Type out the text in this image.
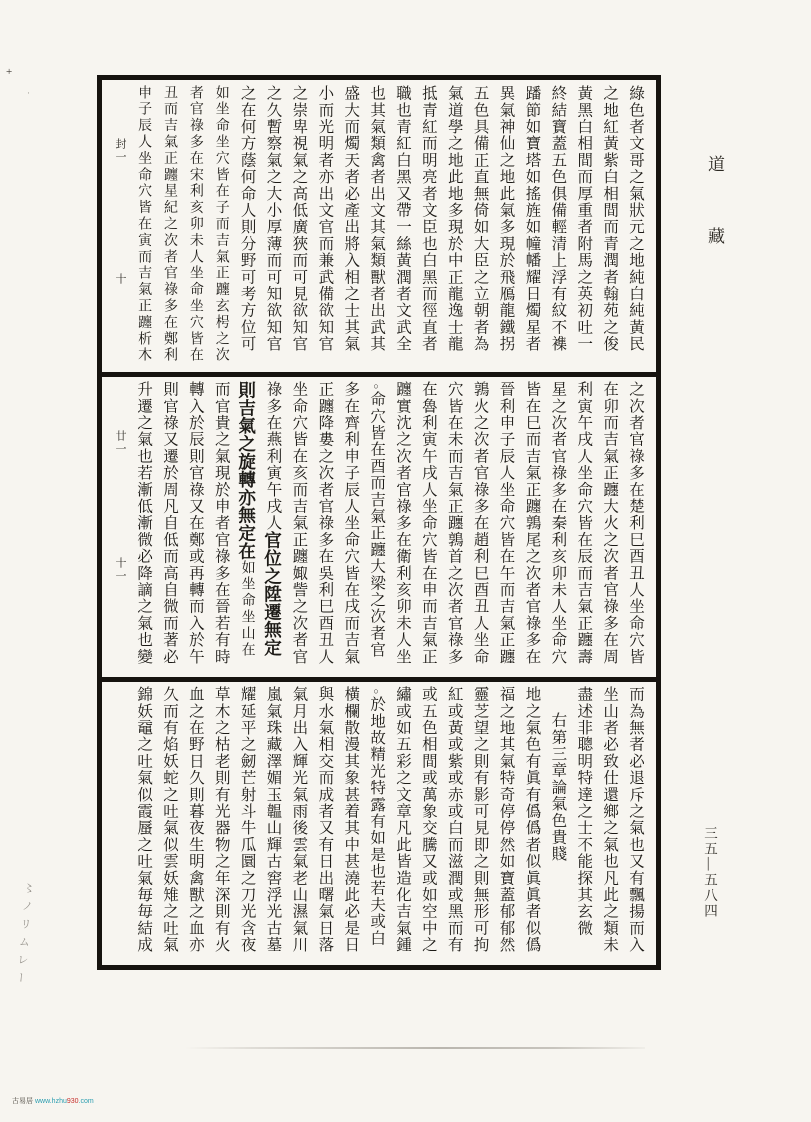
+
·	綠色者文哥之氣狀元之地純白純黃民
之地紅黃紫白相間而青潤者翰苑之俊
黃黑白相間而厚重者附馬之英初吐一
終結寶蓋五色俱備輕清上浮有紋不襍
蹯節如寶塔如搖旌如幢幡耀日燭星者
異氣神仙之地此氣多現於飛鴈龍鐵拐
五色具備正直無倚如大臣之立朝者為
氣道學之地此地多現於中正龍逸士龍
抵青紅而明亮者文臣也白黑而徑直者
職也青紅白黑又帶一絲黃潤者文武全
也其氣類禽者出文其氣類獸者出武其
盛大而燭天者必產出將入相之士其氣
小而光明者亦出文官而兼武備欲知官
之崇卑視氣之高低廣狹而可見欲知官
之久暫察氣之大小厚薄而可知欲知官
之在何方蔭何命人則分野可考方位可
如坐命坐穴皆在子而吉氣正躔玄枵之次
者官祿多在宋利亥卯未人坐命坐穴皆在
丑而吉氣正躔星紀之次者官祿多在鄭利
申子辰人坐命穴皆在寅而吉氣正躔析木
封一
十
之次者官祿多在楚利巳酉丑人坐命穴皆
在卯而吉氣正躔大火之次者官祿多在周
利寅午戌人坐命穴皆在辰而吉氣正躔壽
星之次者官祿多在秦利亥卯未人坐命穴
皆在巳而吉氣正躔鶉尾之次者官祿多在
晉利申子辰人坐命穴皆在午而吉氣正躔
鶉火之次者官祿多在趙利巳酉丑人坐命
穴皆在未而吉氣正躔鶉首之次者官祿多
在魯利寅午戌人坐命穴皆在申而吉氣正
躔實沈之次者官祿多在衛利亥卯未人坐
○命穴皆在酉而吉氣正躔大梁之次者官
多在齊利申子辰人坐命穴皆在戌而吉氣
正躔降婁之次者官祿多在吳利巳酉丑人
坐命穴皆在亥而吉氣正躔娵訾之次者官
祿多在燕利寅午戌人官位之陞遷無定
則吉氣之旋轉亦無定在如坐命坐山在
而官貴之氣現於申者官祿多在晉若有時
轉入於辰則官祿又在鄭或再轉而入於午
則官祿又遷於周凡自低而高自微而著必
升遷之氣也若漸低漸微必降謫之氣也變
廿一
十一
而為無者必退斥之氣也又有飄揚而入
坐山者必致仕還鄉之氣也凡此之類未
盡述非聰明特達之士不能探其玄微
右第三章論氣色貴賤
地之氣色有眞有僞僞者似眞眞者似僞
福之地其氣特奇停停然如寶蓋郁郁然
靈芝望之則有影可見即之則無形可拘
紅或黃或紫或赤或白而滋潤或黑而有
或五色相間或萬象交騰又或如空中之
繡或如五彩之文章凡此皆造化吉氣鍾
○於地故精光特露有如是也若夫或白
橫欄散漫其象甚着其中甚澆此必是日
與水氣相交而成者又有日出曙氣日落
氣月出入輝光氣雨後雲氣老山濕氣川
嵐氣珠藏澤媚玉韞山輝古窖浮光古墓
耀延平之劒芒射斗牛瓜圜之刀光含夜
草木之枯老則有光器物之年深則有火
血之在野日久則暮夜生明禽獸之血亦
久而有焰妖蛇之吐氣似雲妖雉之吐氣
錦妖黿之吐氣似霞蜃之吐氣毎毎結成
道
藏
三五—五八四
〻ノリムレー
古易居 www.hzhu930.com
